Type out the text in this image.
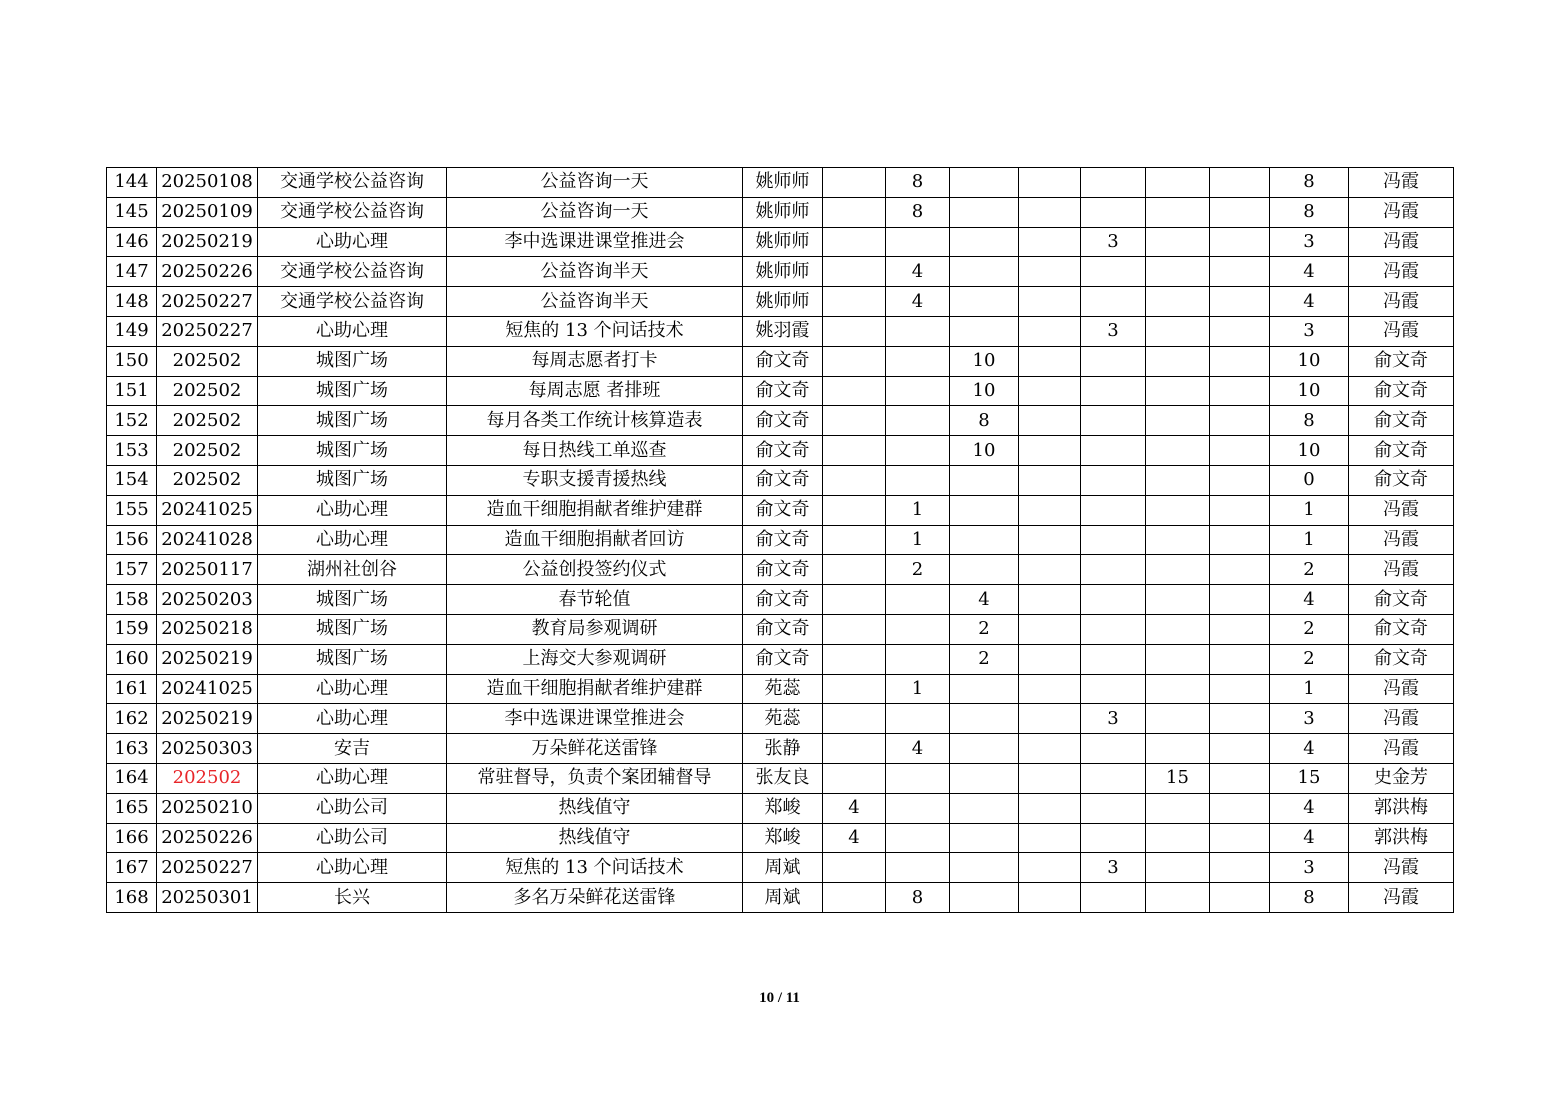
144	20250108	交通学校公益咨询	公益咨询一天	姚师师		8						8	冯霞
145	20250109	交通学校公益咨询	公益咨询一天	姚师师		8						8	冯霞
146	20250219	心助心理	李中选课进课堂推进会	姚师师					3			3	冯霞
147	20250226	交通学校公益咨询	公益咨询半天	姚师师		4						4	冯霞
148	20250227	交通学校公益咨询	公益咨询半天	姚师师		4						4	冯霞
149	20250227	心助心理	短焦的 13 个问话技术	姚羽霞					3			3	冯霞
150	202502	城图广场	每周志愿者打卡	俞文奇			10					10	俞文奇
151	202502	城图广场	每周志愿 者排班	俞文奇			10					10	俞文奇
152	202502	城图广场	每月各类工作统计核算造表	俞文奇			8					8	俞文奇
153	202502	城图广场	每日热线工单巡查	俞文奇			10					10	俞文奇
154	202502	城图广场	专职支援青援热线	俞文奇								0	俞文奇
155	20241025	心助心理	造血干细胞捐献者维护建群	俞文奇		1						1	冯霞
156	20241028	心助心理	造血干细胞捐献者回访	俞文奇		1						1	冯霞
157	20250117	湖州社创谷	公益创投签约仪式	俞文奇		2						2	冯霞
158	20250203	城图广场	春节轮值	俞文奇			4					4	俞文奇
159	20250218	城图广场	教育局参观调研	俞文奇			2					2	俞文奇
160	20250219	城图广场	上海交大参观调研	俞文奇			2					2	俞文奇
161	20241025	心助心理	造血干细胞捐献者维护建群	苑蕊		1						1	冯霞
162	20250219	心助心理	李中选课进课堂推进会	苑蕊					3			3	冯霞
163	20250303	安吉	万朵鲜花送雷锋	张静		4						4	冯霞
164	202502	心助心理	常驻督导，负责个案团辅督导	张友良						15		15	史金芳
165	20250210	心助公司	热线值守	郑峻	4							4	郭洪梅
166	20250226	心助公司	热线值守	郑峻	4							4	郭洪梅
167	20250227	心助心理	短焦的 13 个问话技术	周斌					3			3	冯霞
168	20250301	长兴	多名万朵鲜花送雷锋	周斌		8						8	冯霞
10 / 11
